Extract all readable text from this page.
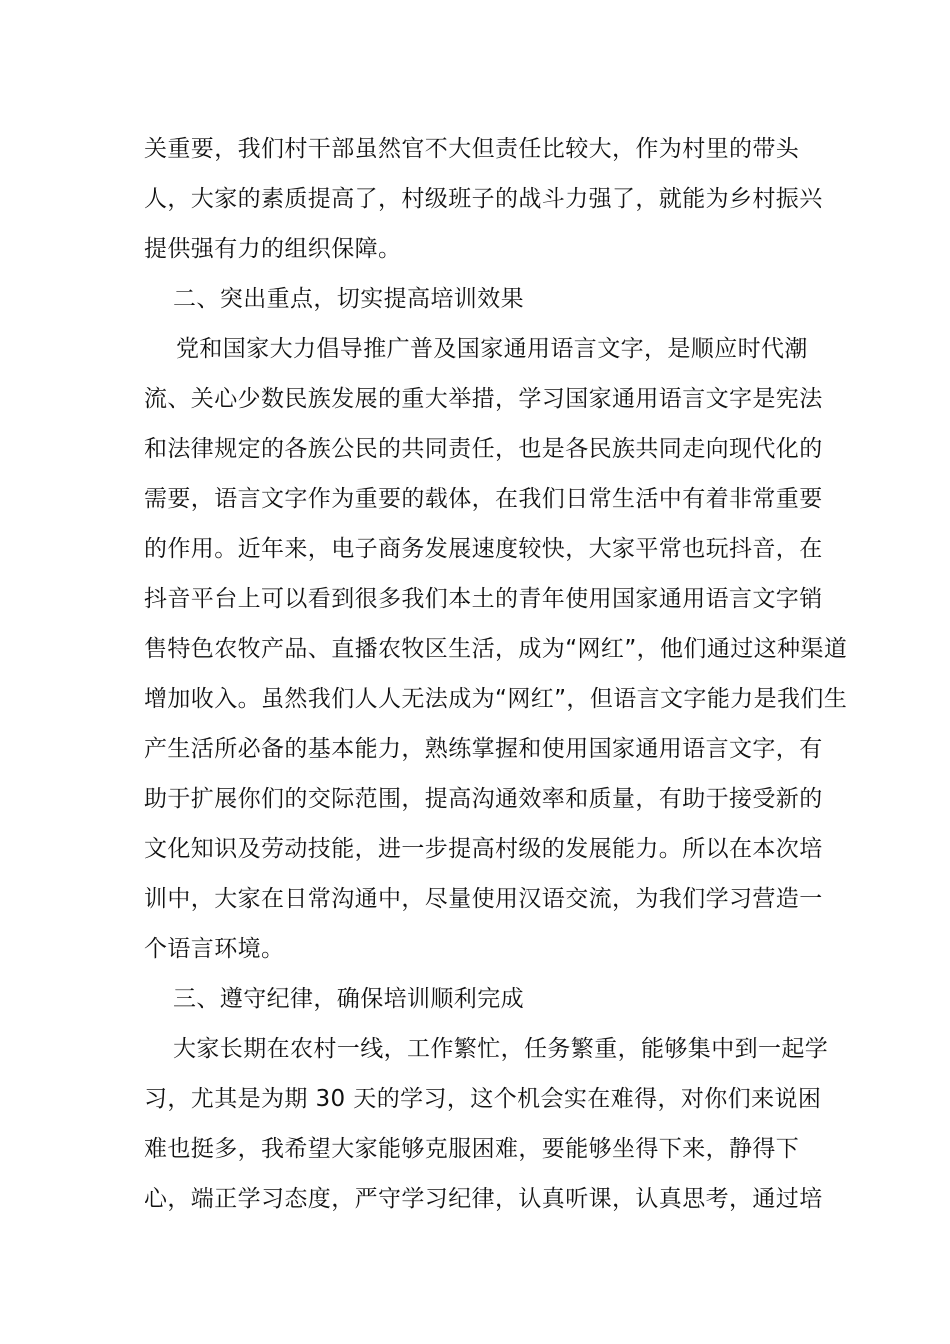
关重要，我们村干部虽然官不大但责任比较大，作为村里的带头
人，大家的素质提高了，村级班子的战斗力强了，就能为乡村振兴
提供强有力的组织保障。
二、突出重点，切实提高培训效果
党和国家大力倡导推广普及国家通用语言文字，是顺应时代潮
流、关心少数民族发展的重大举措，学习国家通用语言文字是宪法
和法律规定的各族公民的共同责任，也是各民族共同走向现代化的
需要，语言文字作为重要的载体，在我们日常生活中有着非常重要
的作用。近年来，电子商务发展速度较快，大家平常也玩抖音，在
抖音平台上可以看到很多我们本土的青年使用国家通用语言文字销
售特色农牧产品、直播农牧区生活，成为“网红”，他们通过这种渠道
增加收入。虽然我们人人无法成为“网红”，但语言文字能力是我们生
产生活所必备的基本能力，熟练掌握和使用国家通用语言文字，有
助于扩展你们的交际范围，提高沟通效率和质量，有助于接受新的
文化知识及劳动技能，进一步提高村级的发展能力。所以在本次培
训中，大家在日常沟通中，尽量使用汉语交流，为我们学习营造一
个语言环境。
三、遵守纪律，确保培训顺利完成
大家长期在农村一线，工作繁忙，任务繁重，能够集中到一起学
习，尤其是为期 30 天的学习，这个机会实在难得，对你们来说困
难也挺多，我希望大家能够克服困难，要能够坐得下来，静得下
心，端正学习态度，严守学习纪律，认真听课，认真思考，通过培
